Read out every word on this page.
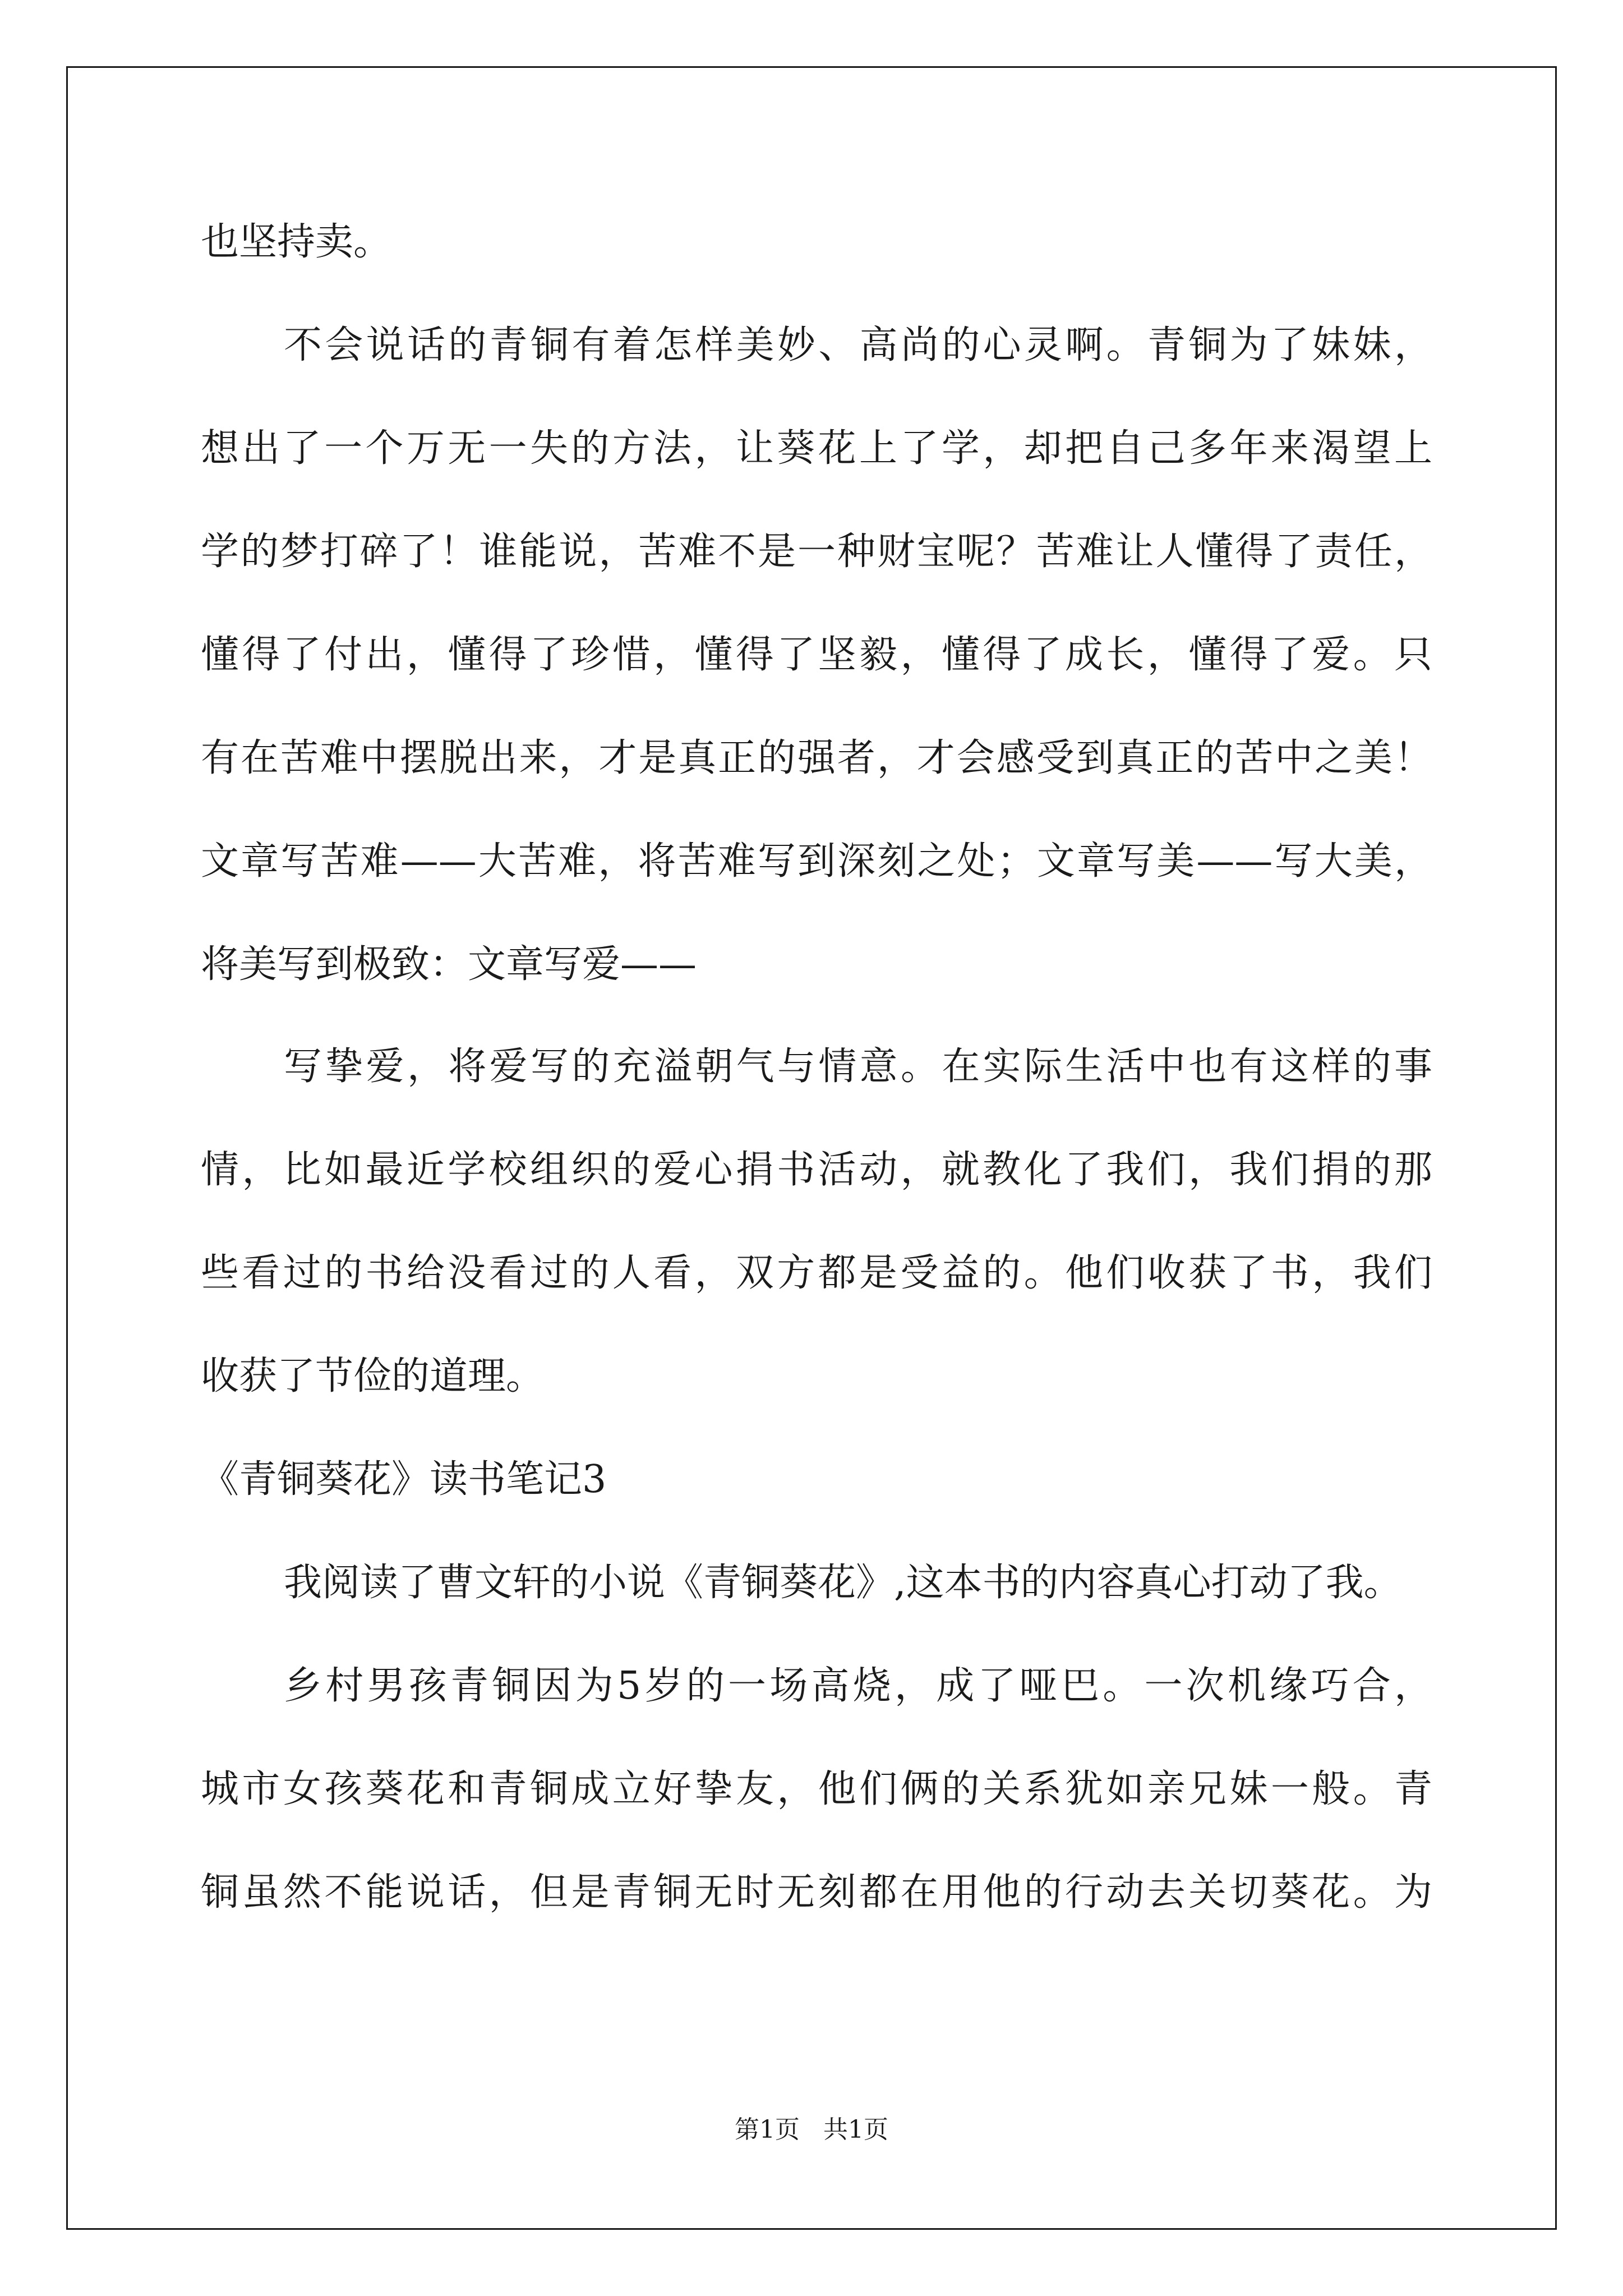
也坚持卖。
不会说话的青铜有着怎样美妙、高尚的心灵啊。青铜为了妹妹，
想出了一个万无一失的方法，让葵花上了学，却把自己多年来渴望上
学的梦打碎了！谁能说，苦难不是一种财宝呢？苦难让人懂得了责任，
懂得了付出，懂得了珍惜，懂得了坚毅，懂得了成长，懂得了爱。只
有在苦难中摆脱出来，才是真正的强者，才会感受到真正的苦中之美！
文章写苦难——大苦难，将苦难写到深刻之处；文章写美——写大美，
将美写到极致：文章写爱——
写挚爱，将爱写的充溢朝气与情意。在实际生活中也有这样的事
情，比如最近学校组织的爱心捐书活动，就教化了我们，我们捐的那
些看过的书给没看过的人看，双方都是受益的。他们收获了书，我们
收获了节俭的道理。
《青铜葵花》读书笔记3
我阅读了曹文轩的小说《青铜葵花》,这本书的内容真心打动了我。
乡村男孩青铜因为5岁的一场高烧，成了哑巴。一次机缘巧合，
城市女孩葵花和青铜成立好挚友，他们俩的关系犹如亲兄妹一般。青
铜虽然不能说话，但是青铜无时无刻都在用他的行动去关切葵花。为
第1页 共1页
